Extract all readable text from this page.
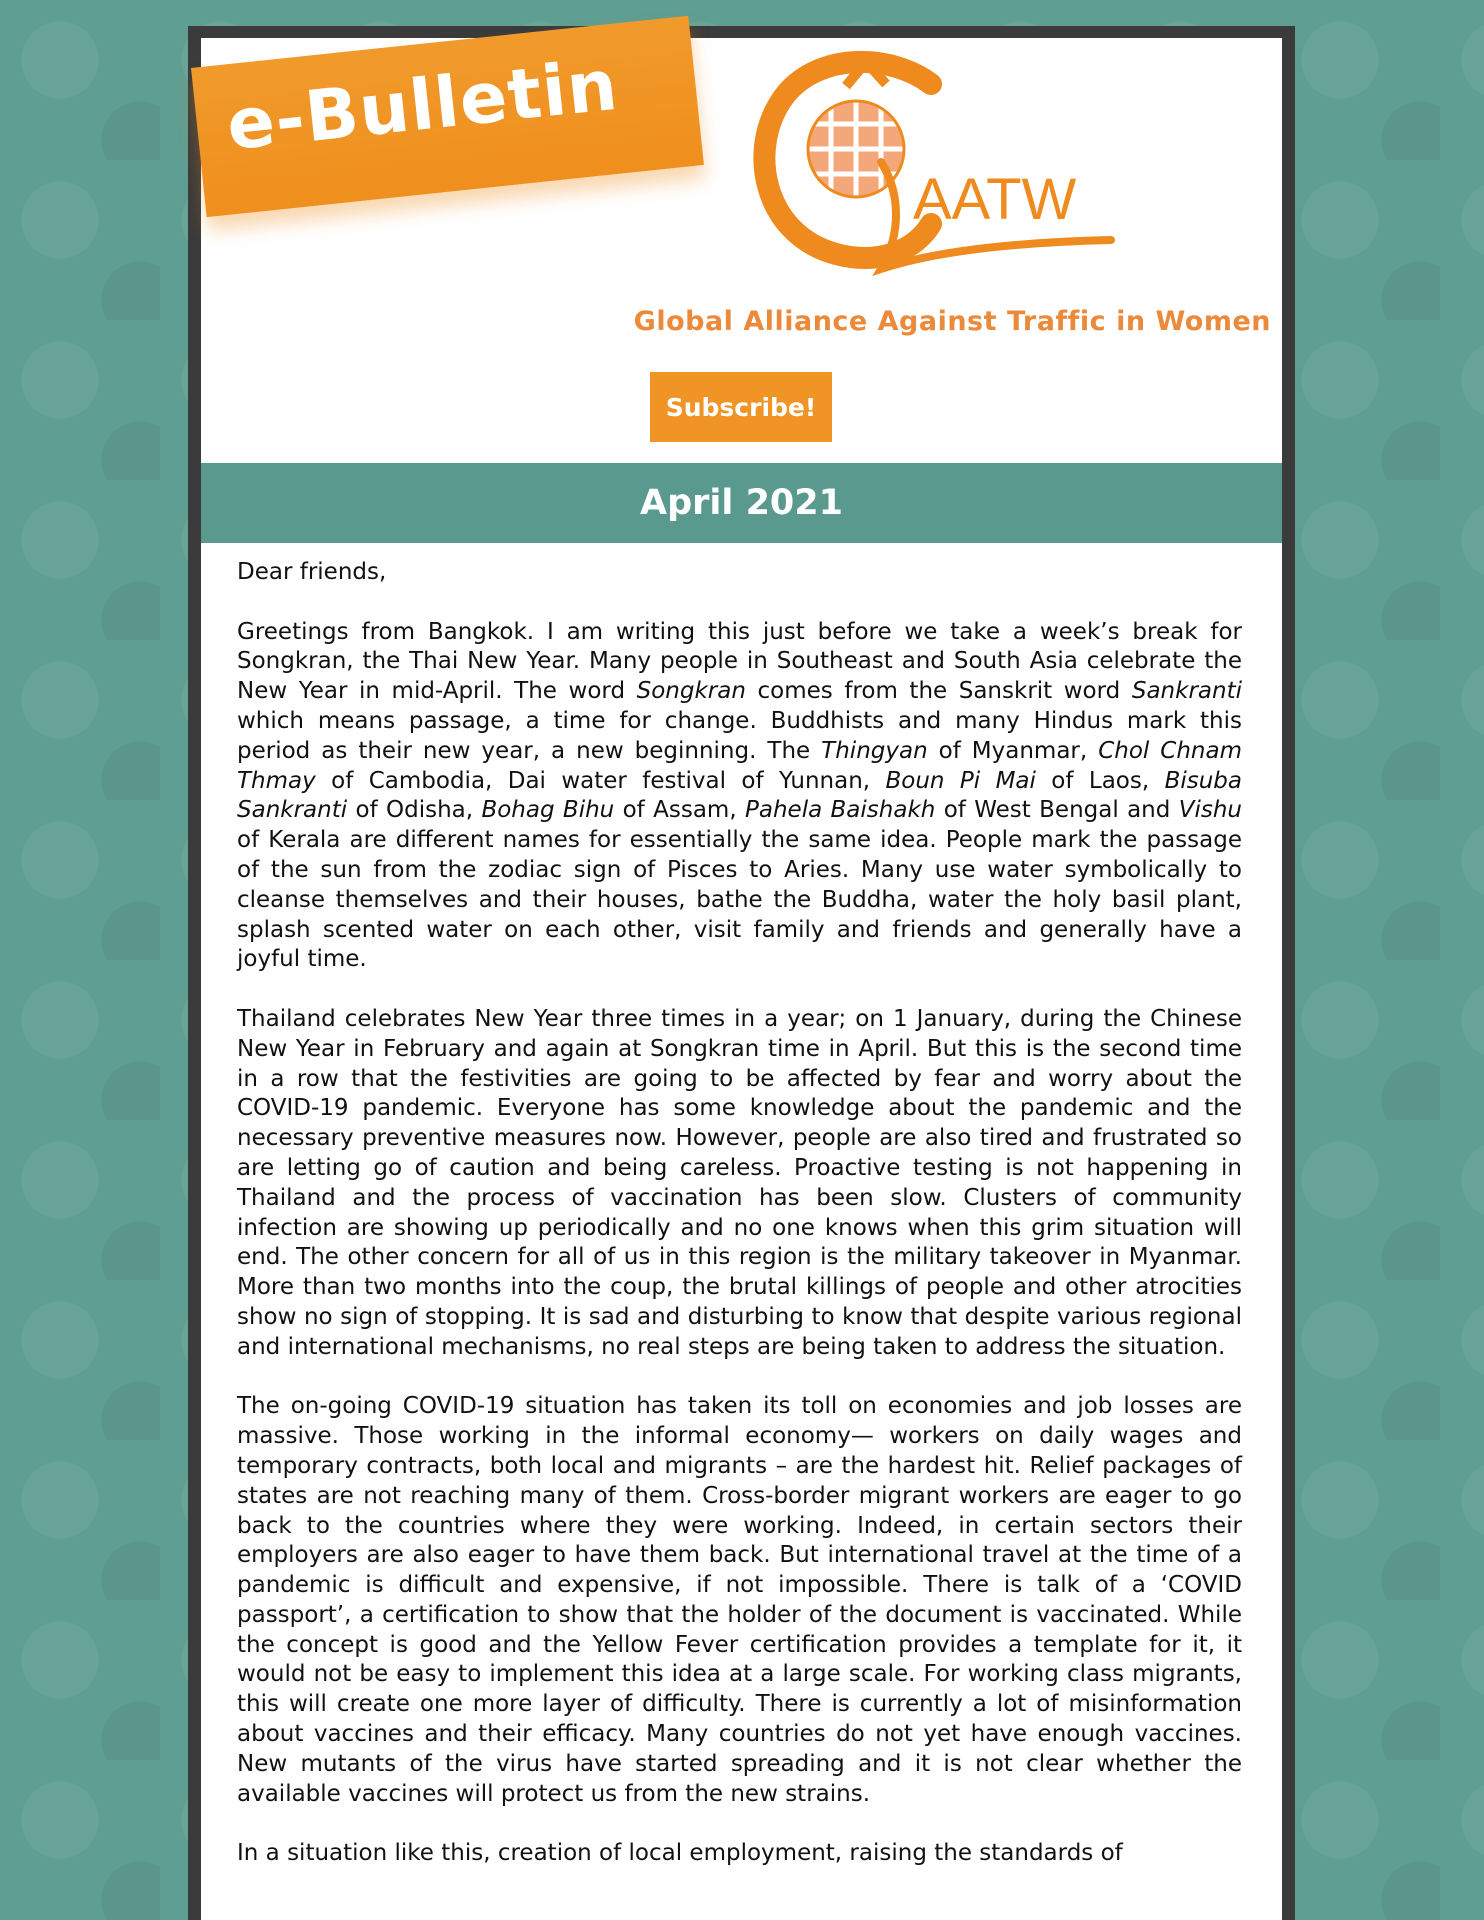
e-Bulletin
AATW
Global Alliance Against Traffic in Women
Subscribe!
April 2021

Dear friends,

Greetings from Bangkok. I am writing this just before we take a week’s break for Songkran, the Thai New Year. Many people in Southeast and South Asia celebrate the New Year in mid-April. The word Songkran comes from the Sanskrit word Sankranti which means passage, a time for change. Buddhists and many Hindus mark this period as their new year, a new beginning. The Thingyan of Myanmar, Chol Chnam Thmay of Cambodia, Dai water festival of Yunnan, Boun Pi Mai of Laos, Bisuba Sankranti of Odisha, Bohag Bihu of Assam, Pahela Baishakh of West Bengal and Vishu of Kerala are different names for essentially the same idea. People mark the passage of the sun from the zodiac sign of Pisces to Aries. Many use water symbolically to cleanse themselves and their houses, bathe the Buddha, water the holy basil plant, splash scented water on each other, visit family and friends and generally have a joyful time.

Thailand celebrates New Year three times in a year; on 1 January, during the Chinese New Year in February and again at Songkran time in April. But this is the second time in a row that the festivities are going to be affected by fear and worry about the COVID-19 pandemic. Everyone has some knowledge about the pandemic and the necessary preventive measures now. However, people are also tired and frustrated so are letting go of caution and being careless. Proactive testing is not happening in Thailand and the process of vaccination has been slow. Clusters of community infection are showing up periodically and no one knows when this grim situation will end. The other concern for all of us in this region is the military takeover in Myanmar. More than two months into the coup, the brutal killings of people and other atrocities show no sign of stopping. It is sad and disturbing to know that despite various regional and international mechanisms, no real steps are being taken to address the situation.

The on-going COVID-19 situation has taken its toll on economies and job losses are massive. Those working in the informal economy— workers on daily wages and temporary contracts, both local and migrants – are the hardest hit. Relief packages of states are not reaching many of them. Cross-border migrant workers are eager to go back to the countries where they were working. Indeed, in certain sectors their employers are also eager to have them back. But international travel at the time of a pandemic is difficult and expensive, if not impossible. There is talk of a ‘COVID passport’, a certification to show that the holder of the document is vaccinated. While the concept is good and the Yellow Fever certification provides a template for it, it would not be easy to implement this idea at a large scale. For working class migrants, this will create one more layer of difficulty. There is currently a lot of misinformation about vaccines and their efficacy. Many countries do not yet have enough vaccines. New mutants of the virus have started spreading and it is not clear whether the available vaccines will protect us from the new strains.

In a situation like this, creation of local employment, raising the standards of
